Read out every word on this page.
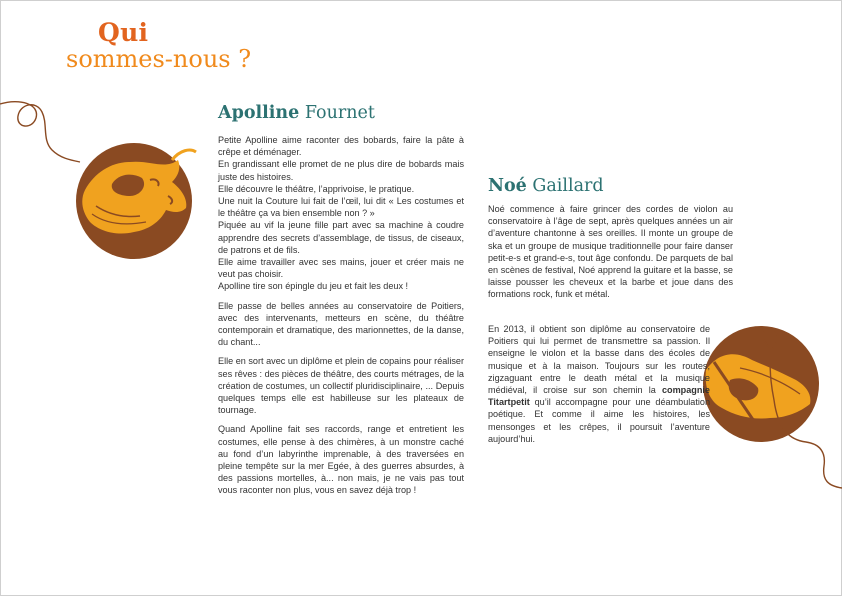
Qui
sommes-nous ?
Apolline Fournet
Petite Apolline aime raconter des bobards, faire la pâte à crêpe et déménager.
En grandissant elle promet de ne plus dire de bobards mais juste des histoires.
Elle découvre le théâtre, l’apprivoise, le pratique.
Une nuit la Couture lui fait de l’œil, lui dit « Les costumes et le théâtre ça va bien ensemble non ? »
Piquée au vif la jeune fille part avec sa machine à coudre apprendre des secrets d’assemblage, de tissus, de ciseaux, de patrons et de fils.
Elle aime travailler avec ses mains, jouer et créer mais ne veut pas choisir.
Apolline tire son épingle du jeu et fait les deux !

Elle passe de belles années au conservatoire de Poitiers, avec des intervenants, metteurs en scène, du théâtre contemporain et dramatique, des marionnettes, de la danse, du chant...

Elle en sort avec un diplôme et plein de copains pour réaliser ses rêves : des pièces de théâtre, des courts métrages, de la création de costumes, un collectif pluridisciplinaire, ... Depuis quelques temps elle est habilleuse sur les plateaux de tournage.

Quand Apolline fait ses raccords, range et entretient les costumes, elle pense à des chimères, à un monstre caché au fond d’un labyrinthe imprenable, à des traversées en pleine tempête sur la mer Egée, à des guerres absurdes, à des passions mortelles, à... non mais, je ne vais pas tout vous raconter non plus, vous en savez déjà trop !

Noé Gaillard

Noé commence à faire grincer des cordes de violon au conservatoire à l’âge de sept, après quelques années un air d’aventure chantonne à ses oreilles. Il monte un groupe de ska et un groupe de musique traditionnelle pour faire danser petit-e-s et grand-e-s, tout âge confondu. De parquets de bal en scènes de festival, Noé apprend la guitare et la basse, se laisse pousser les cheveux et la barbe et joue dans des formations rock, funk et métal.

En 2013, il obtient son diplôme au conservatoire de Poitiers qui lui permet de transmettre sa passion. Il enseigne le violon et la basse dans des écoles de musique et à la maison. Toujours sur les routes, zigzaguant entre le death métal et la musique médiéval, il croise sur son chemin la compagnie Titartpetit qu’il accompagne pour une déambulation poétique. Et comme il aime les histoires, les mensonges et les crêpes, il poursuit l’aventure aujourd’hui.
